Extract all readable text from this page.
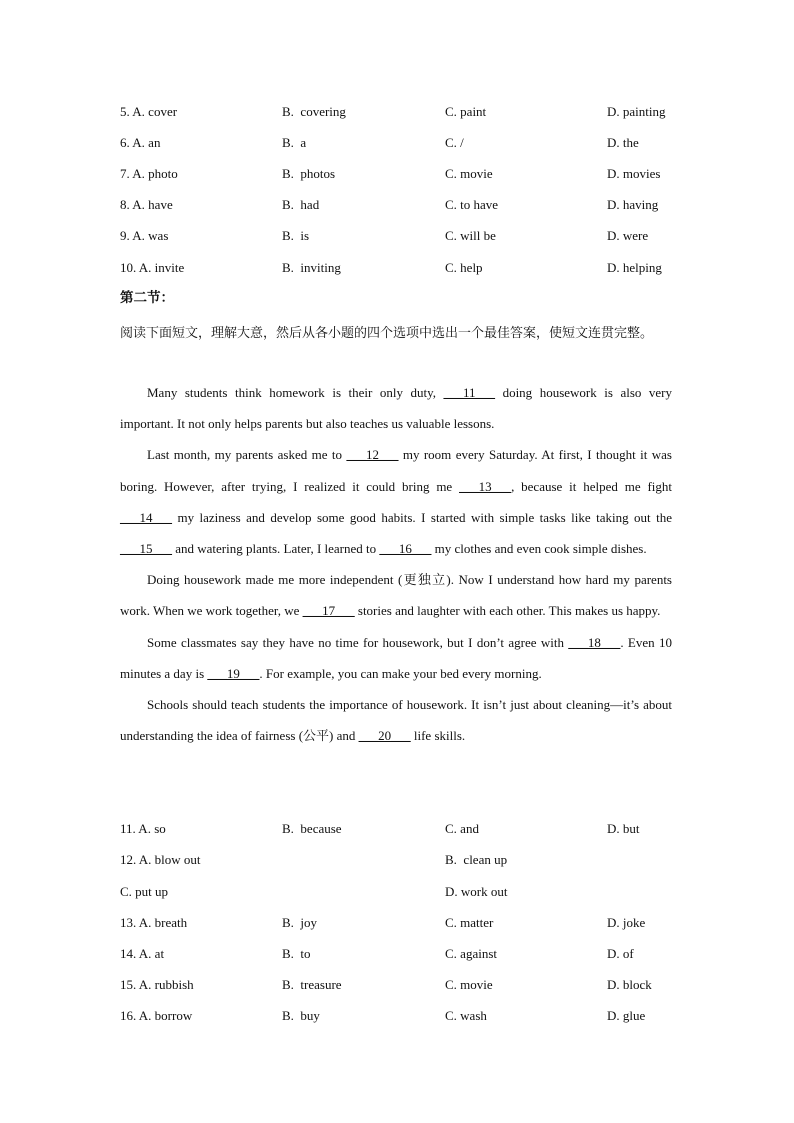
5. A. cover	B.  covering	C. paint	D. painting
6. A. an	B.  a	C. /	D. the
7. A. photo	B.  photos	C. movie	D. movies
8. A. have	B.  had	C. to have	D. having
9. A. was	B.  is	C. will be	D. were
10. A. invite	B.  inviting	C. help	D. helping
第二节：
阅读下面短文，理解大意，然后从各小题的四个选项中选出一个最佳答案，使短文连贯完整。

Many students think homework is their only duty, ___11___ doing housework is also very important. It not only helps parents but also teaches us valuable lessons.

Last month, my parents asked me to ___12___ my room every Saturday. At first, I thought it was boring. However, after trying, I realized it could bring me ___13___, because it helped me fight ___14___ my laziness and develop some good habits. I started with simple tasks like taking out the ___15___ and watering plants. Later, I learned to ___16___ my clothes and even cook simple dishes.

Doing housework made me more independent (更独立). Now I understand how hard my parents work. When we work together, we ___17___ stories and laughter with each other. This makes us happy.

Some classmates say they have no time for housework, but I don’t agree with ___18___. Even 10 minutes a day is ___19___. For example, you can make your bed every morning.

Schools should teach students the importance of housework. It isn’t just about cleaning—it’s about understanding the idea of fairness (公平) and ___20___ life skills.

11. A. so	B.  because	C. and	D. but
12. A. blow out	B.  clean up
C. put up	D. work out
13. A. breath	B.  joy	C. matter	D. joke
14. A. at	B.  to	C. against	D. of
15. A. rubbish	B.  treasure	C. movie	D. block
16. A. borrow	B.  buy	C. wash	D. glue
